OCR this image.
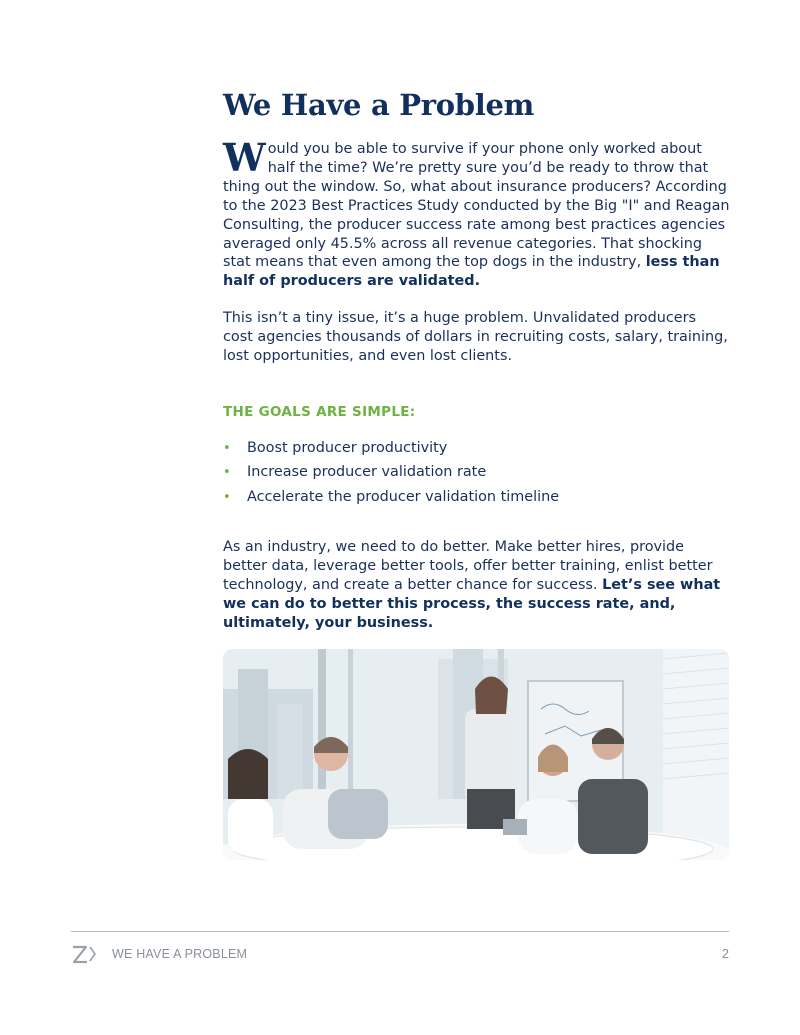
We Have a Problem

Would you be able to survive if your phone only worked about half the time? We’re pretty sure you’d be ready to throw that thing out the window. So, what about insurance producers? According to the 2023 Best Practices Study conducted by the Big "I" and Reagan Consulting, the producer success rate among best practices agencies averaged only 45.5% across all revenue categories. That shocking stat means that even among the top dogs in the industry, less than half of producers are validated.

This isn’t a tiny issue, it’s a huge problem. Unvalidated producers cost agencies thousands of dollars in recruiting costs, salary, training, lost opportunities, and even lost clients.

THE GOALS ARE SIMPLE:
• Boost producer productivity
• Increase producer validation rate
• Accelerate the producer validation timeline

As an industry, we need to do better. Make better hires, provide better data, leverage better tools, offer better training, enlist better technology, and create a better chance for success. Let’s see what we can do to better this process, the success rate, and, ultimately, your business.

WE HAVE A PROBLEM	2
